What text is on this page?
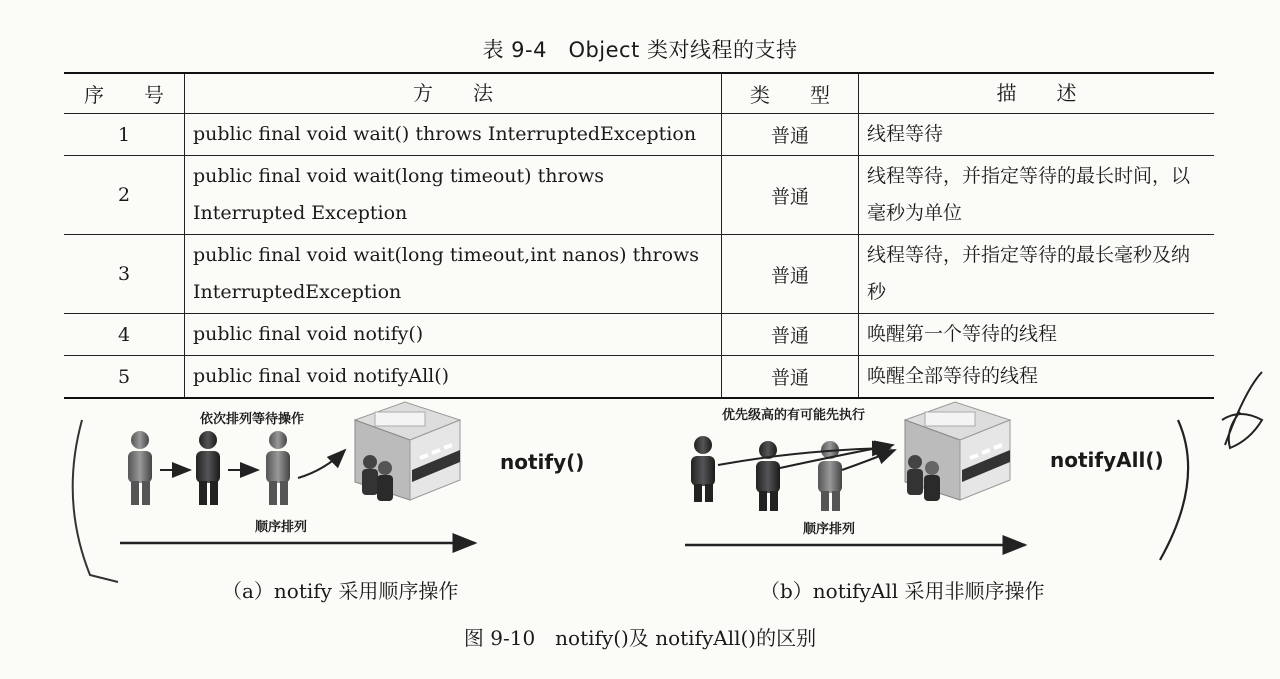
表 9-4　Object 类对线程的支持
序　　号	方　　法	类　　型	描　　述
1	public final void wait() throws InterruptedException	普通	线程等待
2	public final void wait(long timeout) throws Interrupted Exception	普通	线程等待，并指定等待的最长时间，以毫秒为单位
3	public final void wait(long timeout,int nanos) throws InterruptedException	普通	线程等待，并指定等待的最长毫秒及纳秒
4	public final void notify()	普通	唤醒第一个等待的线程
5	public final void notifyAll()	普通	唤醒全部等待的线程
依次排列等待操作
顺序排列
notify()
优先级高的有可能先执行
顺序排列
notifyAll()
（a）notify 采用顺序操作	（b）notifyAll 采用非顺序操作
图 9-10　notify()及 notifyAll()的区别
